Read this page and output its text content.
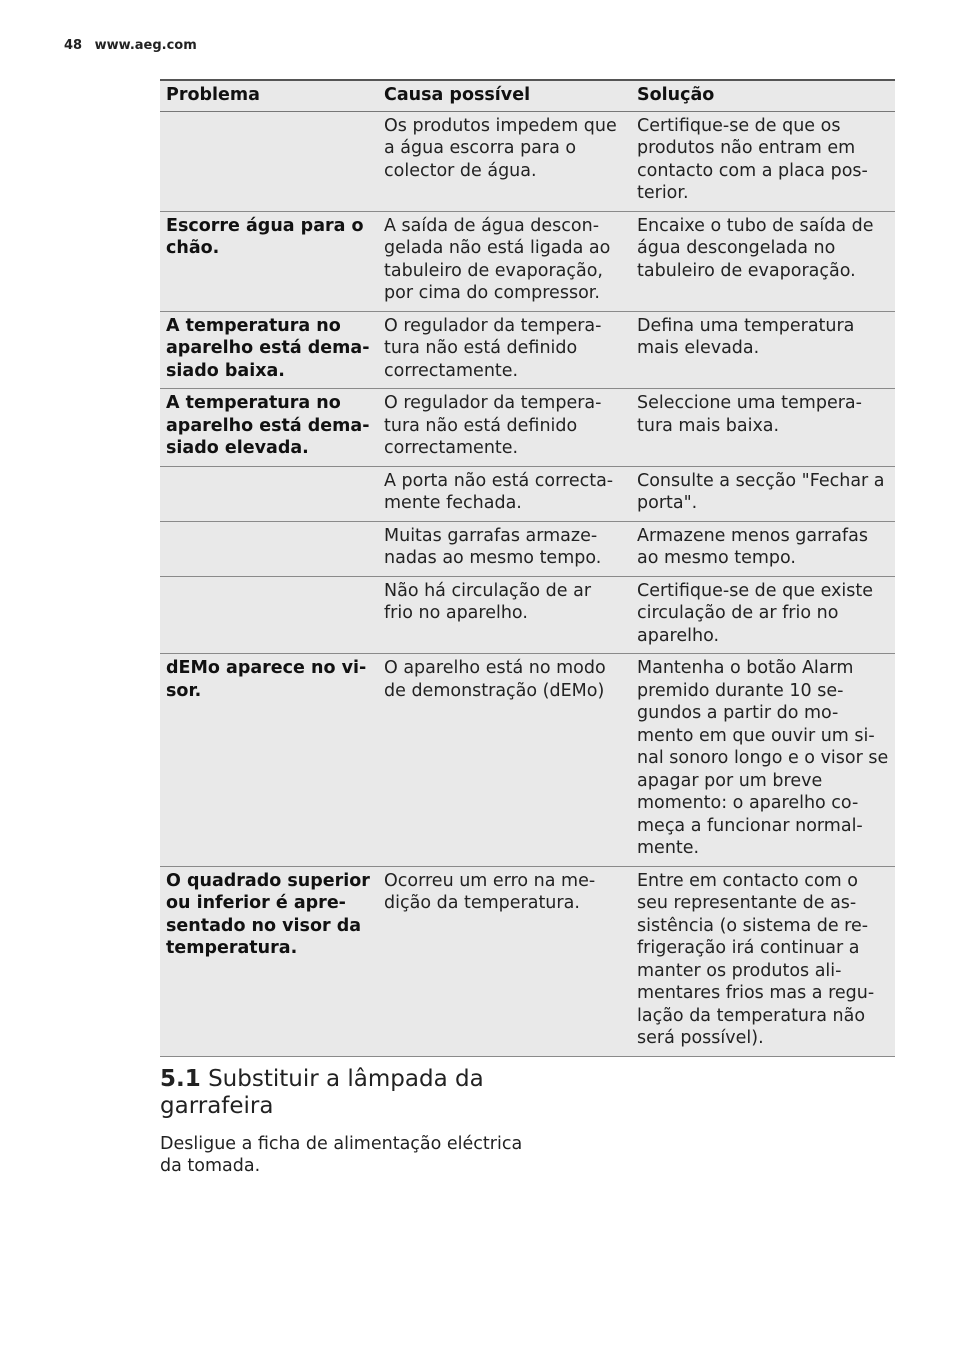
48 www.aeg.com
Problema	Causa possível	Solução
	Os produtos impedem que a água escorra para o colector de água.	Certifique-se de que os produtos não entram em contacto com a placa pos-terior.
Escorre água para o chão.	A saída de água descon-gelada não está ligada ao tabuleiro de evaporação, por cima do compressor.	Encaixe o tubo de saída de água descongelada no tabuleiro de evaporação.
A temperatura no aparelho está dema-siado baixa.	O regulador da tempera-tura não está definido correctamente.	Defina uma temperatura mais elevada.
A temperatura no aparelho está dema-siado elevada.	O regulador da tempera-tura não está definido correctamente.	Seleccione uma tempera-tura mais baixa.
	A porta não está correcta-mente fechada.	Consulte a secção "Fechar a porta".
	Muitas garrafas armaze-nadas ao mesmo tempo.	Armazene menos garrafas ao mesmo tempo.
	Não há circulação de ar frio no aparelho.	Certifique-se de que existe circulação de ar frio no aparelho.
dEMo aparece no vi-sor.	O aparelho está no modo de demonstração (dEMo)	Mantenha o botão Alarm premido durante 10 se-gundos a partir do mo-mento em que ouvir um si-nal sonoro longo e o visor se apagar por um breve momento: o aparelho co-meça a funcionar normal-mente.
O quadrado superior ou inferior é apre-sentado no visor da temperatura.	Ocorreu um erro na me-dição da temperatura.	Entre em contacto com o seu representante de as-sistência (o sistema de re-frigeração irá continuar a manter os produtos ali-mentares frios mas a regu-lação da temperatura não será possível).
5.1 Substituir a lâmpada da garrafeira
Desligue a ficha de alimentação eléctrica da tomada.
